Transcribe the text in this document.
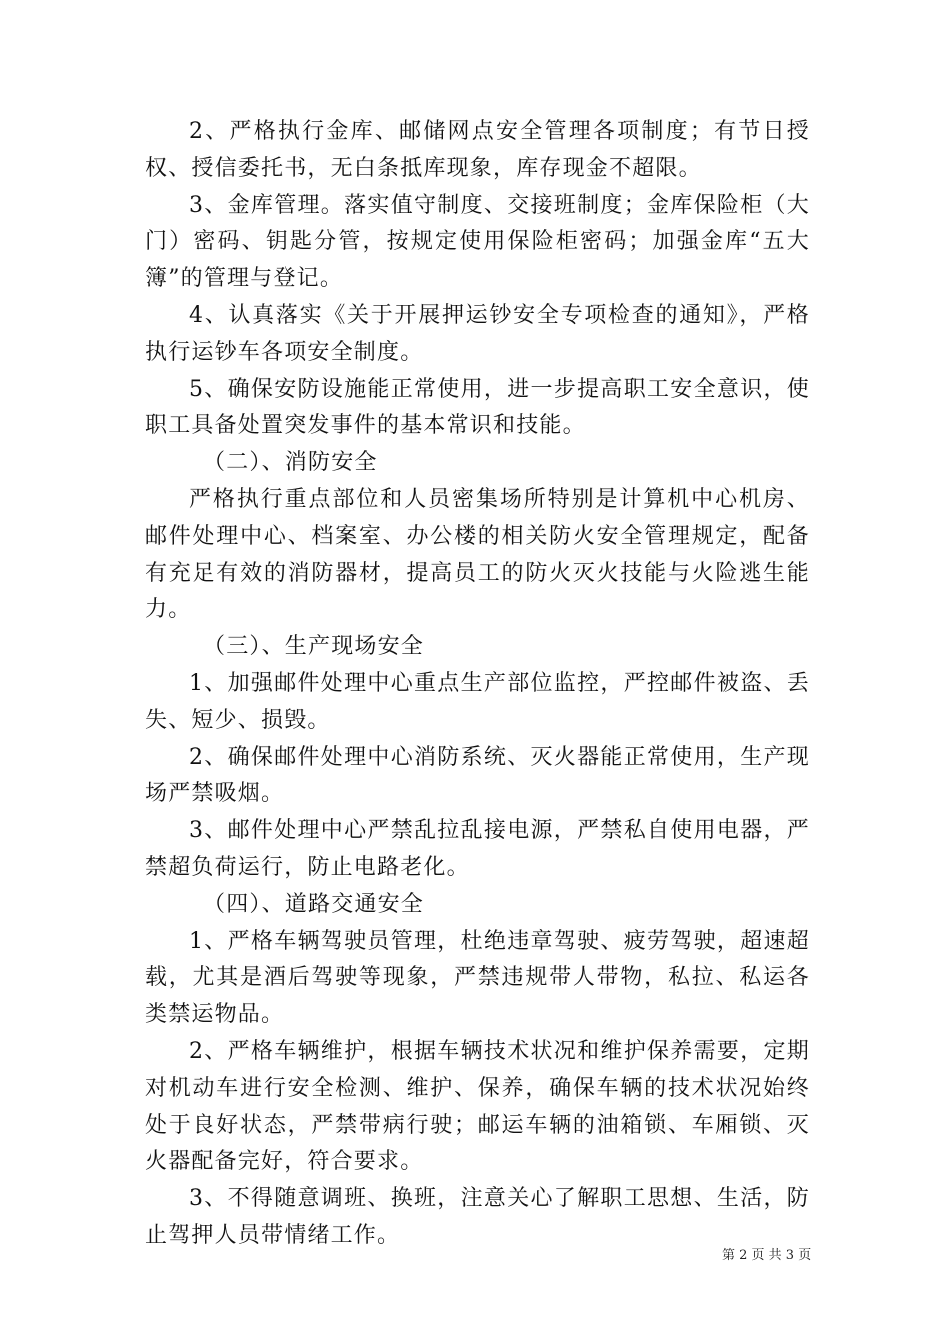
2、严格执行金库、邮储网点安全管理各项制度；有节日授权、授信委托书，无白条抵库现象，库存现金不超限。

3、金库管理。落实值守制度、交接班制度；金库保险柜（大门）密码、钥匙分管，按规定使用保险柜密码；加强金库“五大簿”的管理与登记。

4、认真落实《关于开展押运钞安全专项检查的通知》，严格执行运钞车各项安全制度。

5、确保安防设施能正常使用，进一步提高职工安全意识，使职工具备处置突发事件的基本常识和技能。

（二）、消防安全

严格执行重点部位和人员密集场所特别是计算机中心机房、邮件处理中心、档案室、办公楼的相关防火安全管理规定，配备有充足有效的消防器材，提高员工的防火灭火技能与火险逃生能力。

（三）、生产现场安全

1、加强邮件处理中心重点生产部位监控，严控邮件被盗、丢失、短少、损毁。

2、确保邮件处理中心消防系统、灭火器能正常使用，生产现场严禁吸烟。

3、邮件处理中心严禁乱拉乱接电源，严禁私自使用电器，严禁超负荷运行，防止电路老化。

（四）、道路交通安全

1、严格车辆驾驶员管理，杜绝违章驾驶、疲劳驾驶，超速超载，尤其是酒后驾驶等现象，严禁违规带人带物，私拉、私运各类禁运物品。

2、严格车辆维护，根据车辆技术状况和维护保养需要，定期对机动车进行安全检测、维护、保养，确保车辆的技术状况始终处于良好状态，严禁带病行驶；邮运车辆的油箱锁、车厢锁、灭火器配备完好，符合要求。

3、不得随意调班、换班，注意关心了解职工思想、生活，防止驾押人员带情绪工作。

第 2 页 共 3 页
